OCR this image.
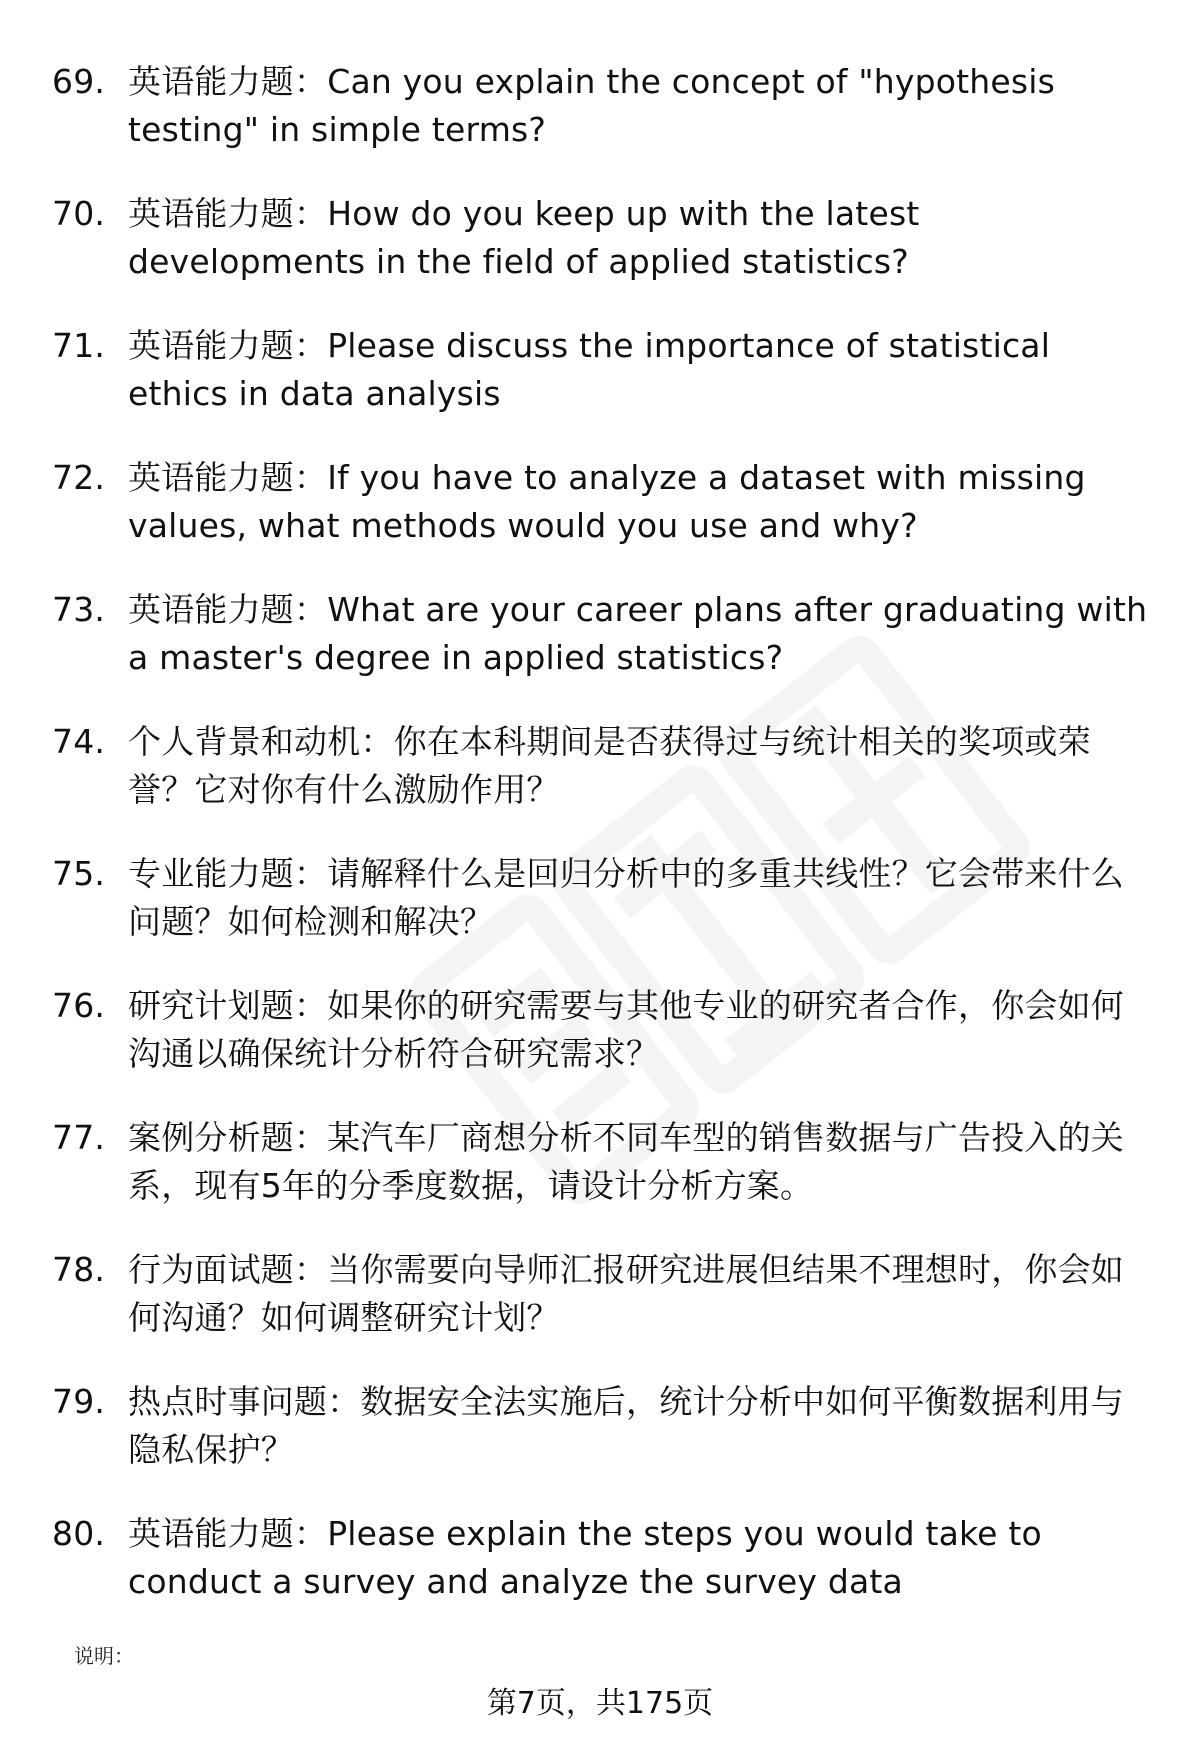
69. 英语能力题：Can you explain the concept of "hypothesis testing" in simple terms?
70. 英语能力题：How do you keep up with the latest developments in the field of applied statistics?
71. 英语能力题：Please discuss the importance of statistical ethics in data analysis
72. 英语能力题：If you have to analyze a dataset with missing values, what methods would you use and why?
73. 英语能力题：What are your career plans after graduating with a master's degree in applied statistics?
74. 个人背景和动机：你在本科期间是否获得过与统计相关的奖项或荣誉？它对你有什么激励作用？
75. 专业能力题：请解释什么是回归分析中的多重共线性？它会带来什么问题？如何检测和解决？
76. 研究计划题：如果你的研究需要与其他专业的研究者合作，你会如何沟通以确保统计分析符合研究需求？
77. 案例分析题：某汽车厂商想分析不同车型的销售数据与广告投入的关系，现有5年的分季度数据，请设计分析方案。
78. 行为面试题：当你需要向导师汇报研究进展但结果不理想时，你会如何沟通？如何调整研究计划？
79. 热点时事问题：数据安全法实施后，统计分析中如何平衡数据利用与隐私保护？
80. 英语能力题：Please explain the steps you would take to conduct a survey and analyze the survey data
说明：
第7页，共175页
